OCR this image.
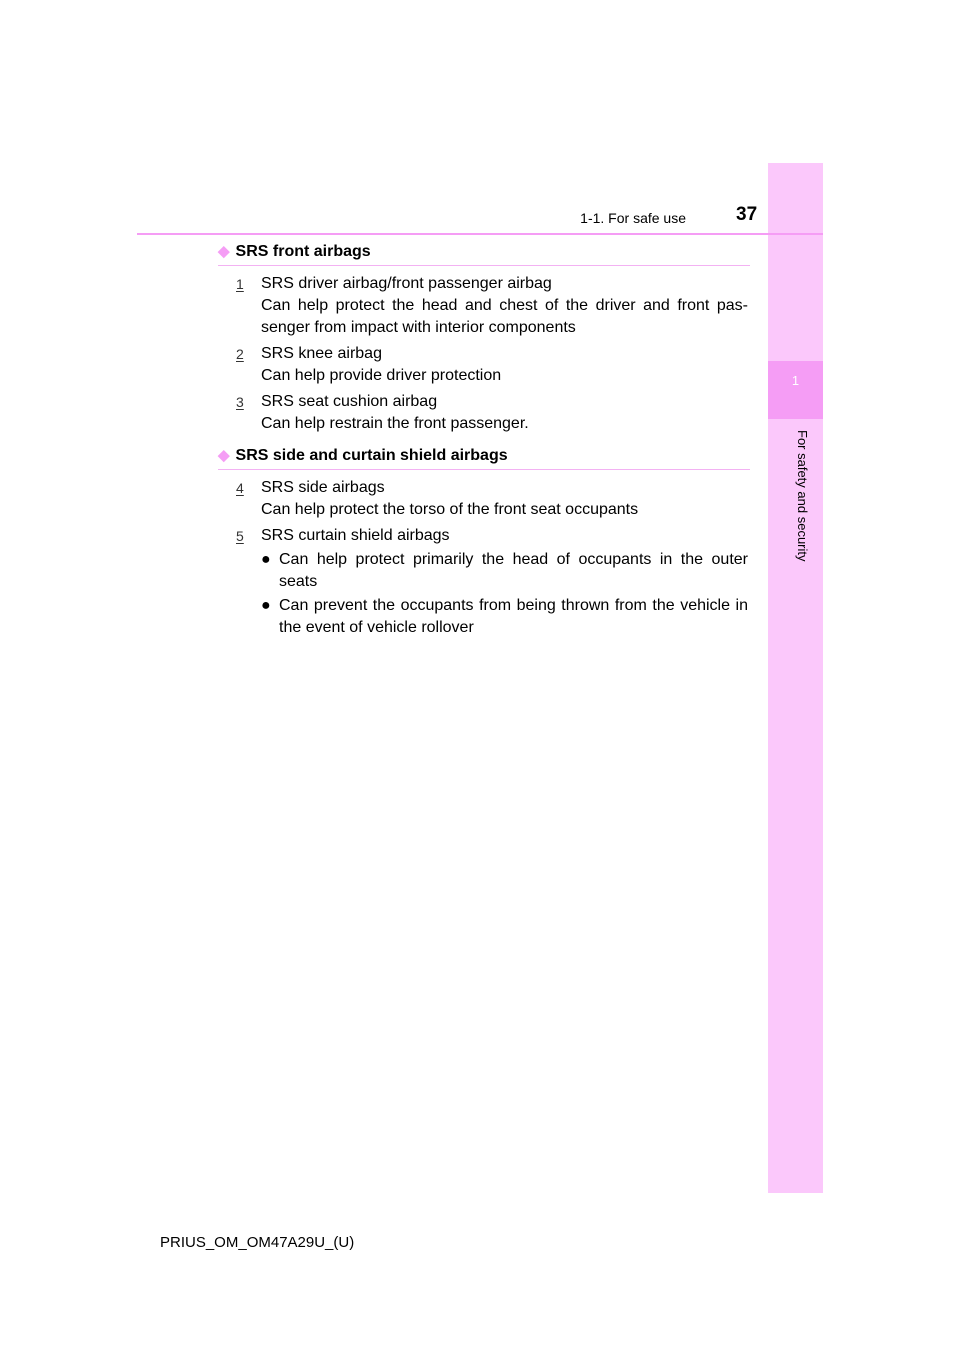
1
For safety and security
1-1. For safe use	37
◆ SRS front airbags
1 SRS driver airbag/front passenger airbag
Can help protect the head and chest of the driver and front pas-senger from impact with interior components
2 SRS knee airbag
Can help provide driver protection
3 SRS seat cushion airbag
Can help restrain the front passenger.
◆ SRS side and curtain shield airbags
4 SRS side airbags
Can help protect the torso of the front seat occupants
5 SRS curtain shield airbags
● Can help protect primarily the head of occupants in the outer seats
● Can prevent the occupants from being thrown from the vehicle in the event of vehicle rollover
PRIUS_OM_OM47A29U_(U)
